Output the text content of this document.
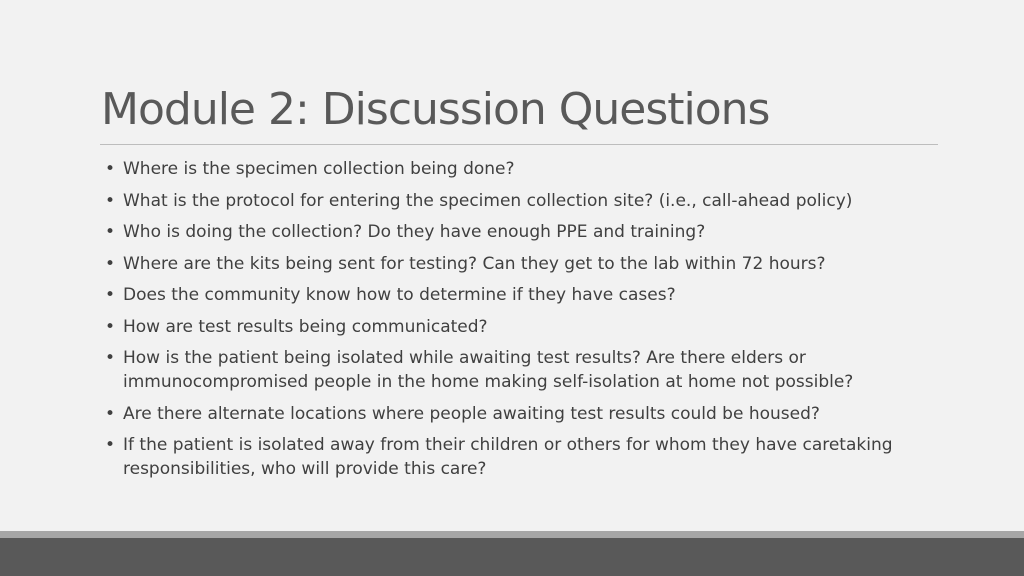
Module 2: Discussion Questions
• Where is the specimen collection being done?
• What is the protocol for entering the specimen collection site? (i.e., call-ahead policy)
• Who is doing the collection? Do they have enough PPE and training?
• Where are the kits being sent for testing? Can they get to the lab within 72 hours?
• Does the community know how to determine if they have cases?
• How are test results being communicated?
• How is the patient being isolated while awaiting test results? Are there elders or immunocompromised people in the home making self-isolation at home not possible?
• Are there alternate locations where people awaiting test results could be housed?
• If the patient is isolated away from their children or others for whom they have caretaking responsibilities, who will provide this care?
